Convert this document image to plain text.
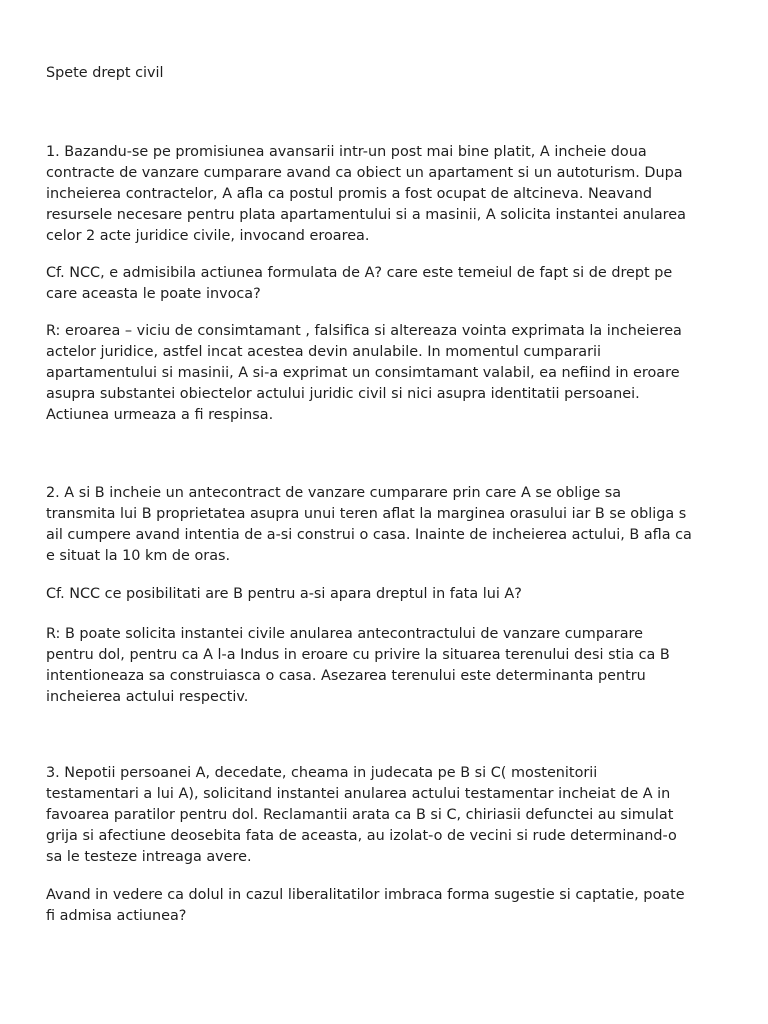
Spete drept civil

1. Bazandu-se pe promisiunea avansarii intr-un post mai bine platit, A incheie doua
contracte de vanzare cumparare avand ca obiect un apartament si un autoturism. Dupa
incheierea contractelor, A afla ca postul promis a fost ocupat de altcineva. Neavand
resursele necesare pentru plata apartamentului si a masinii, A solicita instantei anularea
celor 2 acte juridice civile, invocand eroarea.

Cf. NCC, e admisibila actiunea formulata de A? care este temeiul de fapt si de drept pe
care aceasta le poate invoca?

R: eroarea – viciu de consimtamant , falsifica si altereaza vointa exprimata la incheierea
actelor juridice, astfel incat acestea devin anulabile. In momentul cumpararii
apartamentului si masinii, A si-a exprimat un consimtamant valabil, ea nefiind in eroare
asupra substantei obiectelor actului juridic civil si nici asupra identitatii persoanei.
Actiunea urmeaza a fi respinsa.

2. A si B incheie un antecontract de vanzare cumparare prin care A se oblige sa
transmita lui B proprietatea asupra unui teren aflat la marginea orasului iar B se obliga s
ail cumpere avand intentia de a-si construi o casa. Inainte de incheierea actului, B afla ca
e situat la 10 km de oras.

Cf. NCC ce posibilitati are B pentru a-si apara dreptul in fata lui A?

R: B poate solicita instantei civile anularea antecontractului de vanzare cumparare
pentru dol, pentru ca A l-a Indus in eroare cu privire la situarea terenului desi stia ca B
intentioneaza sa construiasca o casa. Asezarea terenului este determinanta pentru
incheierea actului respectiv.

3. Nepotii persoanei A, decedate, cheama in judecata pe B si C( mostenitorii
testamentari a lui A), solicitand instantei anularea actului testamentar incheiat de A in
favoarea paratilor pentru dol. Reclamantii arata ca B si C, chiriasii defunctei au simulat
grija si afectiune deosebita fata de aceasta, au izolat-o de vecini si rude determinand-o
sa le testeze intreaga avere.

Avand in vedere ca dolul in cazul liberalitatilor imbraca forma sugestie si captatie, poate
fi admisa actiunea?
